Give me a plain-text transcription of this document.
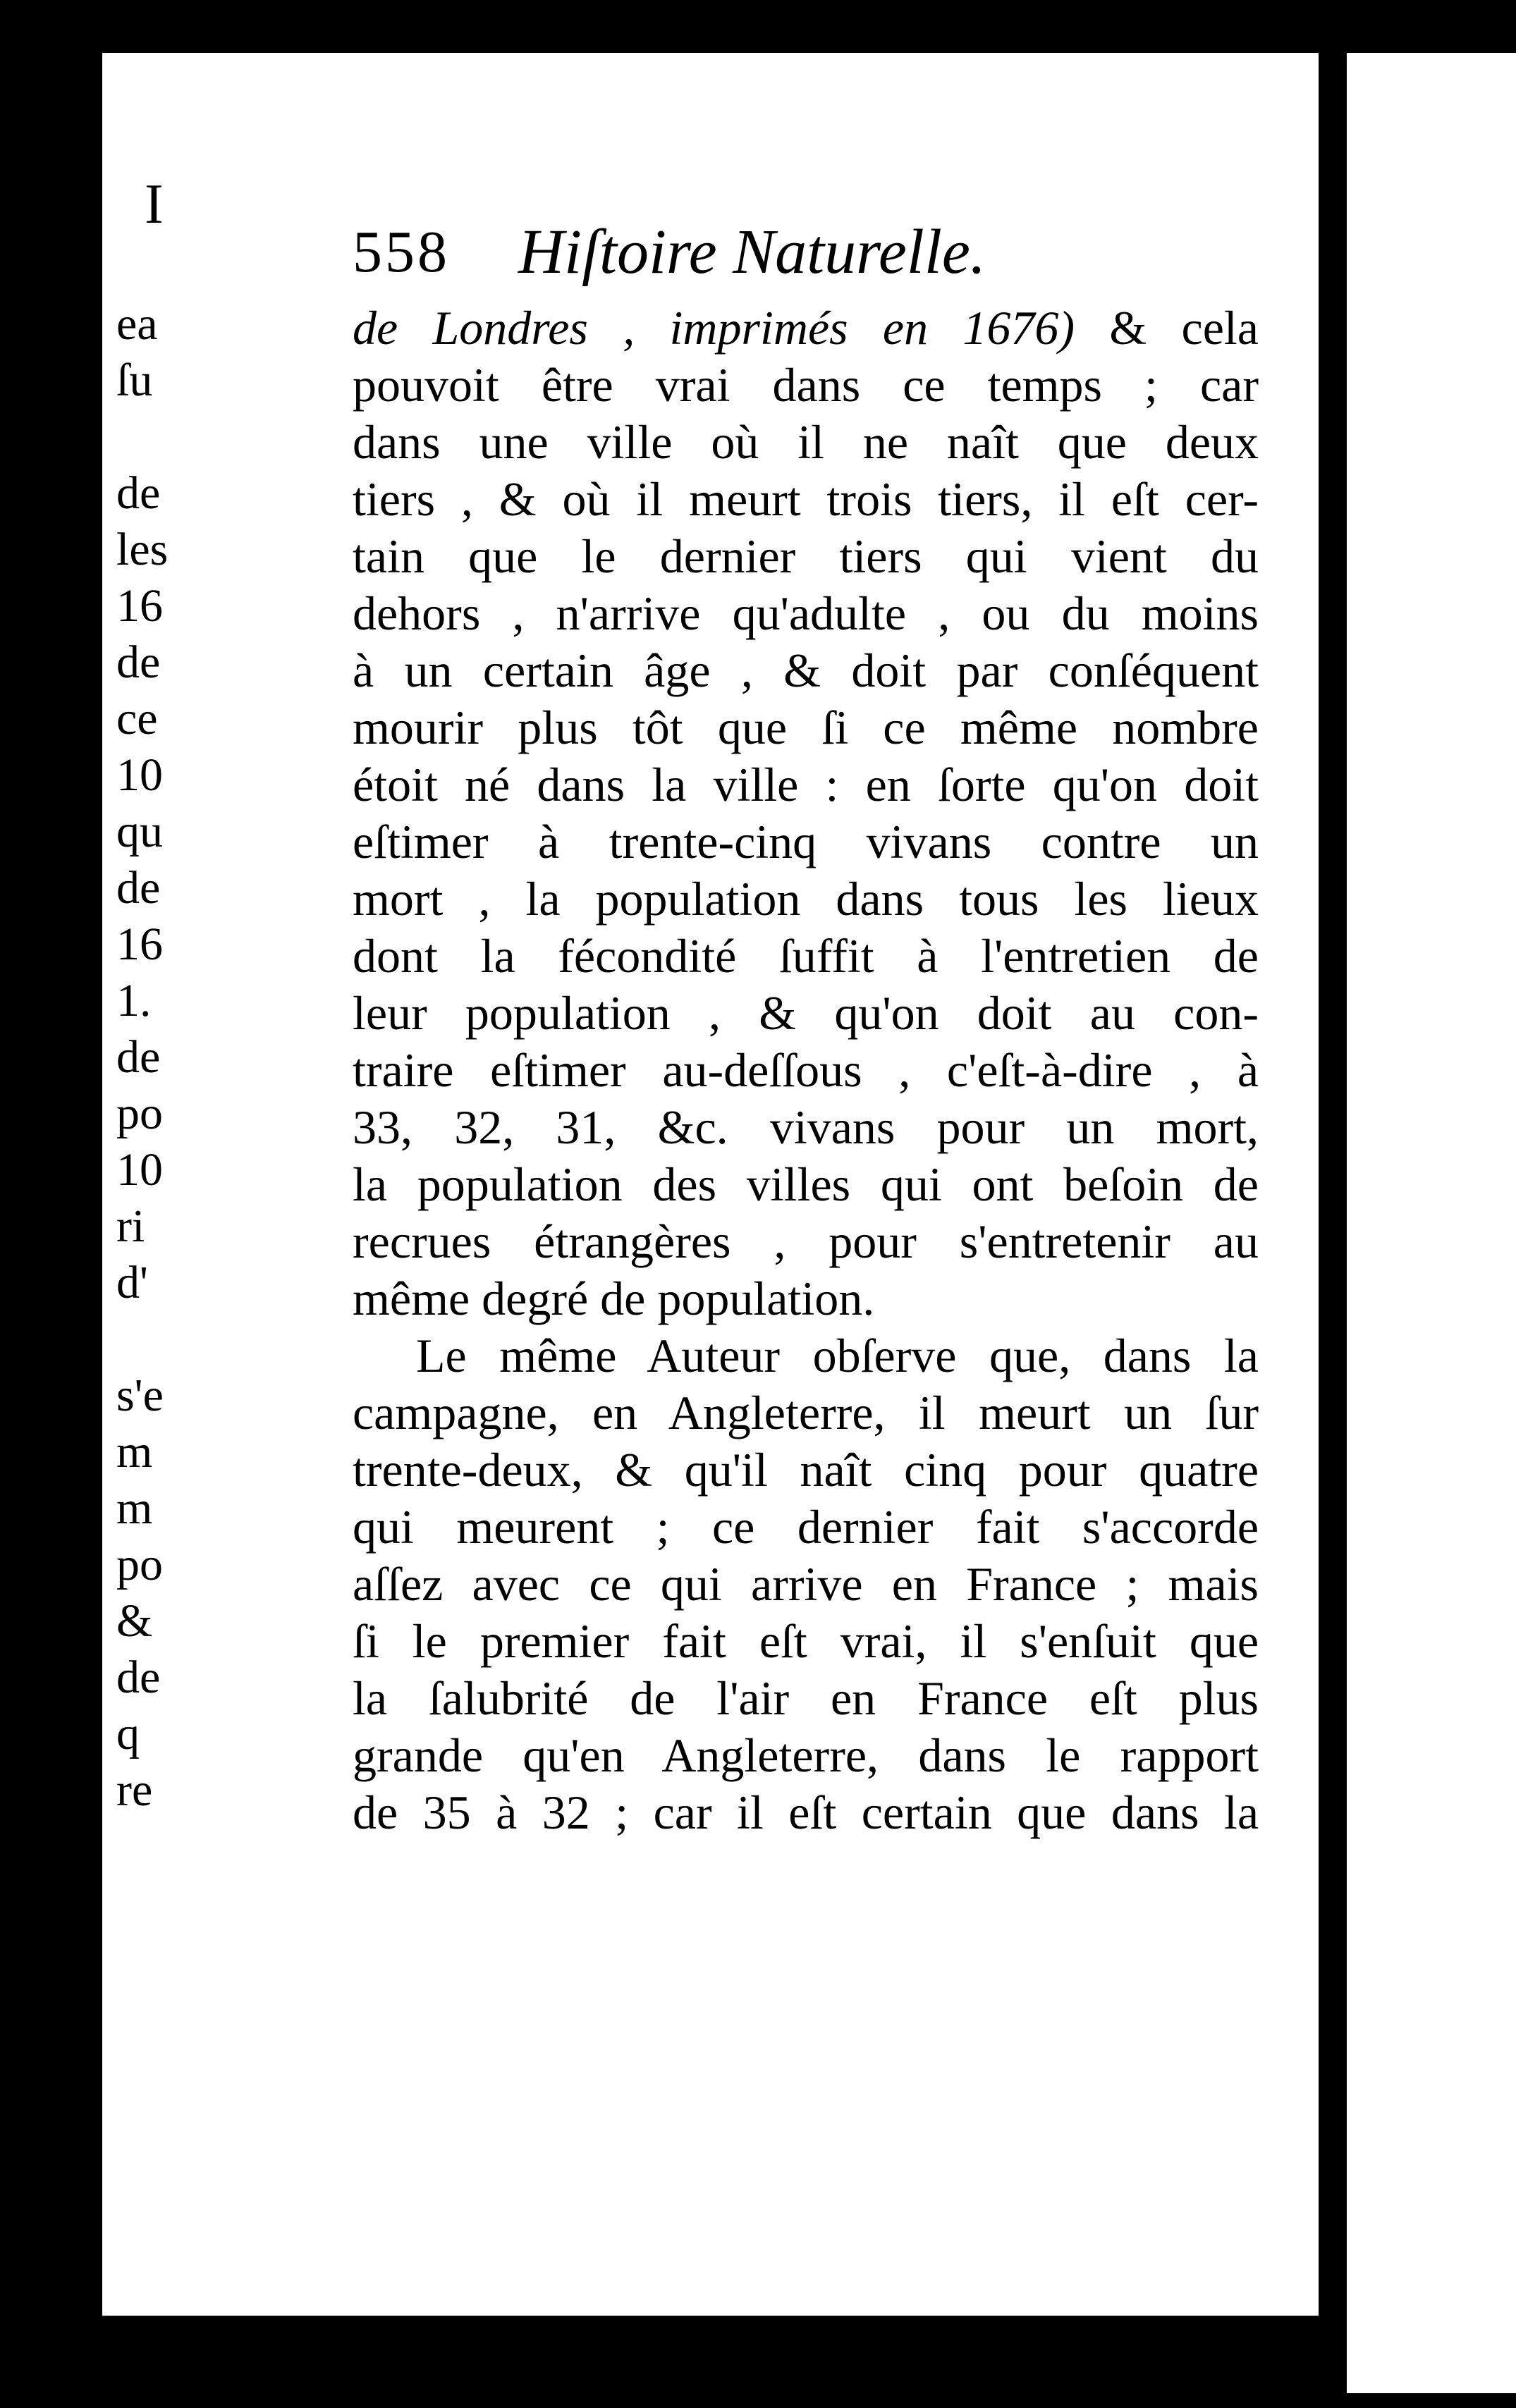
558 Hiſtoire Naturelle.
de Londres , imprimés en 1676) & cela
pouvoit être vrai dans ce temps ; car
dans une ville où il ne naît que deux
tiers , & où il meurt trois tiers, il eſt cer-
tain que le dernier tiers qui vient du
dehors , n'arrive qu'adulte , ou du moins
à un certain âge , & doit par conſéquent
mourir plus tôt que ſi ce même nombre
étoit né dans la ville : en ſorte qu'on doit
eſtimer à trente-cinq vivans contre un
mort , la population dans tous les lieux
dont la fécondité ſuffit à l'entretien de
leur population , & qu'on doit au con-
traire eſtimer au-deſſous , c'eſt-à-dire , à
33, 32, 31, &c. vivans pour un mort,
la population des villes qui ont beſoin de
recrues étrangères , pour s'entretenir au
même degré de population.
Le même Auteur obſerve que, dans la
campagne, en Angleterre, il meurt un ſur
trente-deux, & qu'il naît cinq pour quatre
qui meurent ; ce dernier fait s'accorde
aſſez avec ce qui arrive en France ; mais
ſi le premier fait eſt vrai, il s'enſuit que
la ſalubrité de l'air en France eſt plus
grande qu'en Angleterre, dans le rapport
de 35 à 32 ; car il eſt certain que dans la
I
ea
ſu
de
les
16
de
ce
10
qu
de
16
1.
de
po
10
ri
d'
s'e
m
m
po
&
de
q
re
